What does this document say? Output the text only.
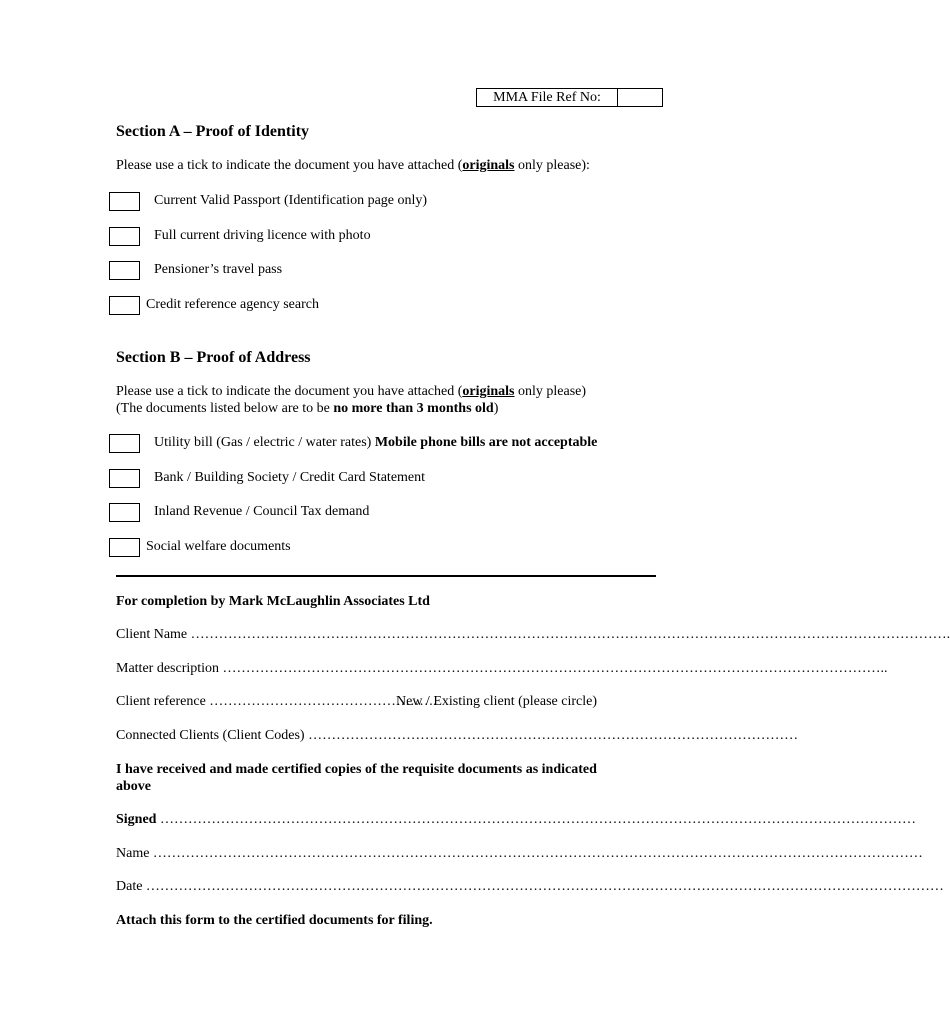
MMA File Ref No:
Section A – Proof of Identity
Please use a tick to indicate the document you have attached (originals only please):
Current Valid Passport (Identification page only)
Full current driving licence with photo
Pensioner’s travel pass
Credit reference agency search
Section B – Proof of Address
Please use a tick to indicate the document you have attached (originals only please)
(The documents listed below are to be no more than 3 months old)
Utility bill (Gas / electric / water rates) Mobile phone bills are not acceptable
Bank / Building Society / Credit Card Statement
Inland Revenue / Council Tax demand
Social welfare documents
For completion by Mark McLaughlin Associates Ltd
Client Name ……………………………………………………………………………………………………………………………………………….
Matter description ……………………………………………………………………………………………………………………………..
Client reference ………………………………………….
New / Existing client (please circle)
Connected Clients (Client Codes) ……………………………………………………………………………………………
I have received and made certified copies of the requisite documents as indicated
above
Signed ………………………………………………………………………………………………………………………………………………
Name …………………………………………………………………………………………………………………………………………………
Date ………………………………………………………………………………………………………………………………………………………
Attach this form to the certified documents for filing.
